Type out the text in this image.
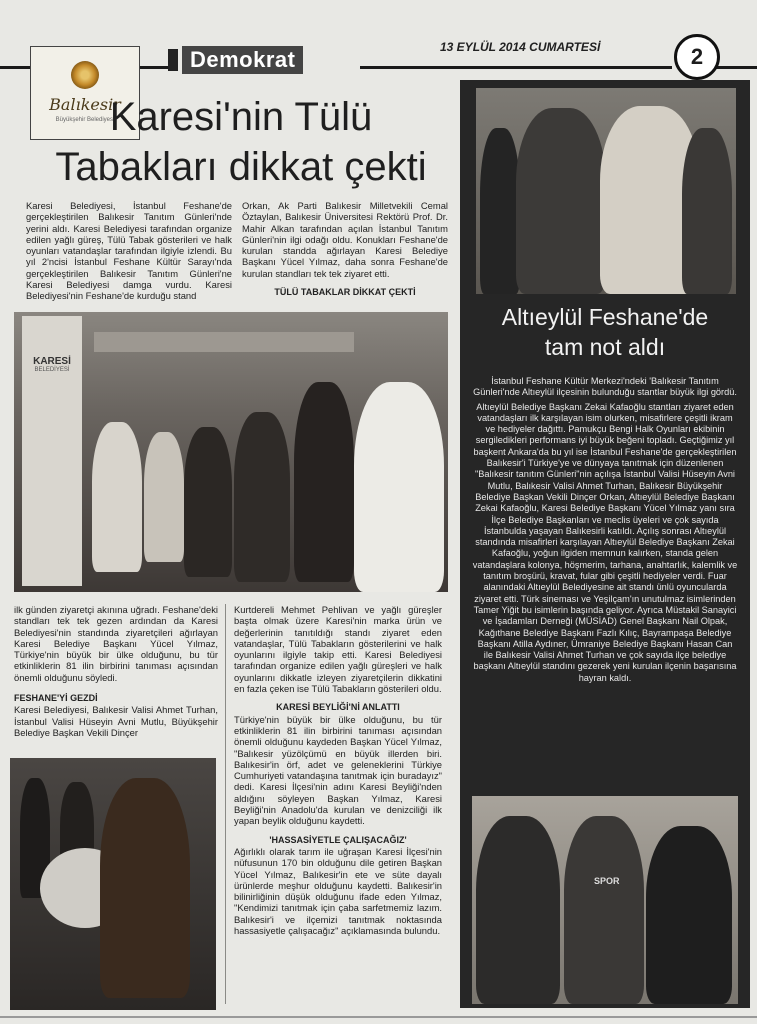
Demokrat	13 EYLÜL 2014 CUMARTESİ	2
Balıkesir
Büyükşehir Belediyesi
Karesi'nin Tülü
Tabakları dikkat çekti
Karesi Belediyesi, İstanbul Feshane'de gerçekleştirilen Balıkesir Tanıtım Günleri'nde yerini aldı. Karesi Belediyesi tarafından organize edilen yağlı güreş, Tülü Tabak gösterileri ve halk oyunları vatandaşlar tarafından ilgiyle izlendi. Bu yıl 2'ncisi İstanbul Feshane Kültür Sarayı'nda gerçekleştirilen Balıkesir Tanıtım Günleri'ne Karesi Belediyesi damga vurdu. Karesi Belediyesi'nin Feshane'de kurduğu stand
Orkan, Ak Parti Balıkesir Milletvekili Cemal Öztaylan, Balıkesir Üniversitesi Rektörü Prof. Dr. Mahir Alkan tarafından açılan İstanbul Tanıtım Günleri'nin ilgi odağı oldu. Konukları Feshane'de kurulan standda ağırlayan Karesi Belediye Başkanı Yücel Yılmaz, daha sonra Feshane'de kurulan standları tek tek ziyaret etti.
TÜLÜ TABAKLAR DİKKAT ÇEKTİ
KARESİ
BELEDİYESİ
ilk günden ziyaretçi akınına uğradı. Feshane'deki standları tek tek gezen ardından da Karesi Belediyesi'nin standında ziyaretçileri ağırlayan Karesi Belediye Başkanı Yücel Yılmaz, Türkiye'nin büyük bir ülke olduğunu, bu tür etkinliklerin 81 ilin birbirini tanıması açısından önemli olduğunu söyledi.
FESHANE'Yİ GEZDİ
Karesi Belediyesi, Balıkesir Valisi Ahmet Turhan, İstanbul Valisi Hüseyin Avni Mutlu, Büyükşehir Belediye Başkan Vekili Dinçer
Kurtdereli Mehmet Pehlivan ve yağlı güreşler başta olmak üzere Karesi'nin marka ürün ve değerlerinin tanıtıldığı standı ziyaret eden vatandaşlar, Tülü Tabakların gösterilerini ve halk oyunlarını ilgiyle takip etti. Karesi Belediyesi tarafından organize edilen yağlı güreşleri ve halk oyunlarını dikkatle izleyen ziyaretçilerin dikkatini en fazla çeken ise Tülü Tabakların gösterileri oldu.
KARESİ BEYLİĞİ'Nİ ANLATTI
Türkiye'nin büyük bir ülke olduğunu, bu tür etkinliklerin 81 ilin birbirini tanıması açısından önemli olduğunu kaydeden Başkan Yücel Yılmaz, "Balıkesir yüzölçümü en büyük illerden biri. Balıkesir'in örf, adet ve geleneklerini Türkiye Cumhuriyeti vatandaşına tanıtmak için buradayız" dedi. Karesi İlçesi'nin adını Karesi Beyliği'nden aldığını söyleyen Başkan Yılmaz, Karesi Beyliği'nin Anadolu'da kurulan ve denizciliği ilk yapan beylik olduğunu kaydetti.
'HASSASİYETLE ÇALIŞACAĞIZ'
Ağırlıklı olarak tarım ile uğraşan Karesi İlçesi'nin nüfusunun 170 bin olduğunu dile getiren Başkan Yücel Yılmaz, Balıkesir'in ete ve süte dayalı ürünlerde meşhur olduğunu kaydetti. Balıkesir'in bilinirliğinin düşük olduğunu ifade eden Yılmaz, "Kendimizi tanıtmak için çaba sarfetmemiz lazım. Balıkesir'i ve ilçemizi tanıtmak noktasında hassasiyetle çalışacağız" açıklamasında bulundu.
Altıeylül Feshane'de
tam not aldı
İstanbul Feshane Kültür Merkezi'ndeki 'Balıkesir Tanıtım Günleri'nde Altıeylül ilçesinin bulunduğu stantlar büyük ilgi gördü.
Altıeylül Belediye Başkanı Zekai Kafaoğlu stantları ziyaret eden vatandaşları ilk karşılayan isim olurken, misafirlere çeşitli ikram ve hediyeler dağıttı. Pamukçu Bengi Halk Oyunları ekibinin sergiledikleri performans iyi büyük beğeni topladı. Geçtiğimiz yıl başkent Ankara'da bu yıl ise İstanbul Feshane'de gerçekleştirilen Balıkesir'i Türkiye'ye ve dünyaya tanıtmak için düzenlenen "Balıkesir tanıtım Günleri"nin açılışa İstanbul Valisi Hüseyin Avni Mutlu, Balıkesir Valisi Ahmet Turhan, Balıkesir Büyükşehir Belediye Başkan Vekili Dinçer Orkan, Altıeylül Belediye Başkanı Zekai Kafaoğlu, Karesi Belediye Başkanı Yücel Yılmaz yanı sıra İlçe Belediye Başkanları ve meclis üyeleri ve çok sayıda İstanbulda yaşayan Balıkesirli katıldı. Açılış sonrası Altıeylül standında misafirleri karşılayan Altıeylül Belediye Başkanı Zekai Kafaoğlu, yoğun ilgiden memnun kalırken, standa gelen vatandaşlara kolonya, höşmerim, tarhana, anahtarlık, kalemlik ve tanıtım broşürü, kravat, fular gibi çeşitli hediyeler verdi. Fuar alanındaki Altıeylül Belediyesine ait standı ünlü oyuncularda ziyaret etti. Türk sineması ve Yeşilçam'ın unutulmaz isimlerinden Tamer Yiğit bu isimlerin başında geliyor. Ayrıca Müstakil Sanayici ve İşadamları Derneği (MÜSİAD) Genel Başkanı Nail Olpak, Kağıthane Belediye Başkanı Fazlı Kılıç, Bayrampaşa Belediye Başkanı Atilla Aydıner, Ümraniye Belediye Başkanı Hasan Can ile Balıkesir Valisi Ahmet Turhan ve çok sayıda ilçe belediye başkanı Altıeylül standını gezerek yeni kurulan ilçenin başarısına hayran kaldı.
SPOR
